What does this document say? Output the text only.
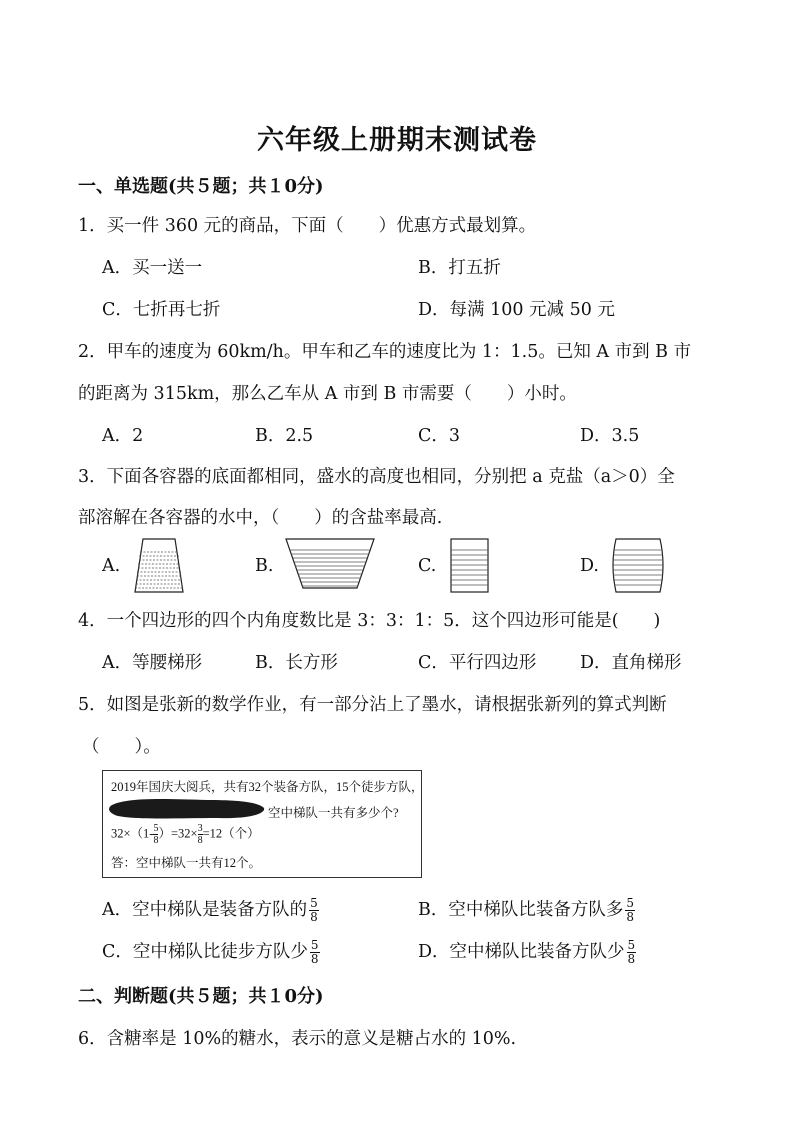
六年级上册期末测试卷
一、单选题(共５题；共１0分)
1．买一件 360 元的商品，下面（　　）优惠方式最划算。
A．买一送一	B．打五折
C．七折再七折	D．每满 100 元减 50 元
2．甲车的速度为 60km/h。甲车和乙车的速度比为 1：1.5。已知 A 市到 B 市
的距离为 315km，那么乙车从 A 市到 B 市需要（　　）小时。
A．2	B．2.5	C．3	D．3.5
3．下面各容器的底面都相同，盛水的高度也相同，分别把 a 克盐（a＞0）全
部溶解在各容器的水中，（　　）的含盐率最高.
A.	B.	C.	D.
4．一个四边形的四个内角度数比是 3：3：1：5．这个四边形可能是(　　)
A．等腰梯形	B．长方形	C．平行四边形 D．直角梯形
5．如图是张新的数学作业，有一部分沾上了墨水，请根据张新列的算式判断
（　　）。
2019年国庆大阅兵，共有32个装备方队，15个徒步方队，
空中梯队一共有多少个?
$32\times(1- \frac{5}{8})=32\times \frac{3}{8}=12$（个）
答：空中梯队一共有12个。
A．空中梯队是装备方队的 $\frac{5}{8}$	B．空中梯队比装备方队多 $\frac{5}{8}$
C．空中梯队比徒步方队少 $\frac{5}{8}$	D．空中梯队比装备方队少 $\frac{5}{8}$
二、判断题(共５题；共１0分)
6．含糖率是 10%的糖水，表示的意义是糖占水的 10%.
